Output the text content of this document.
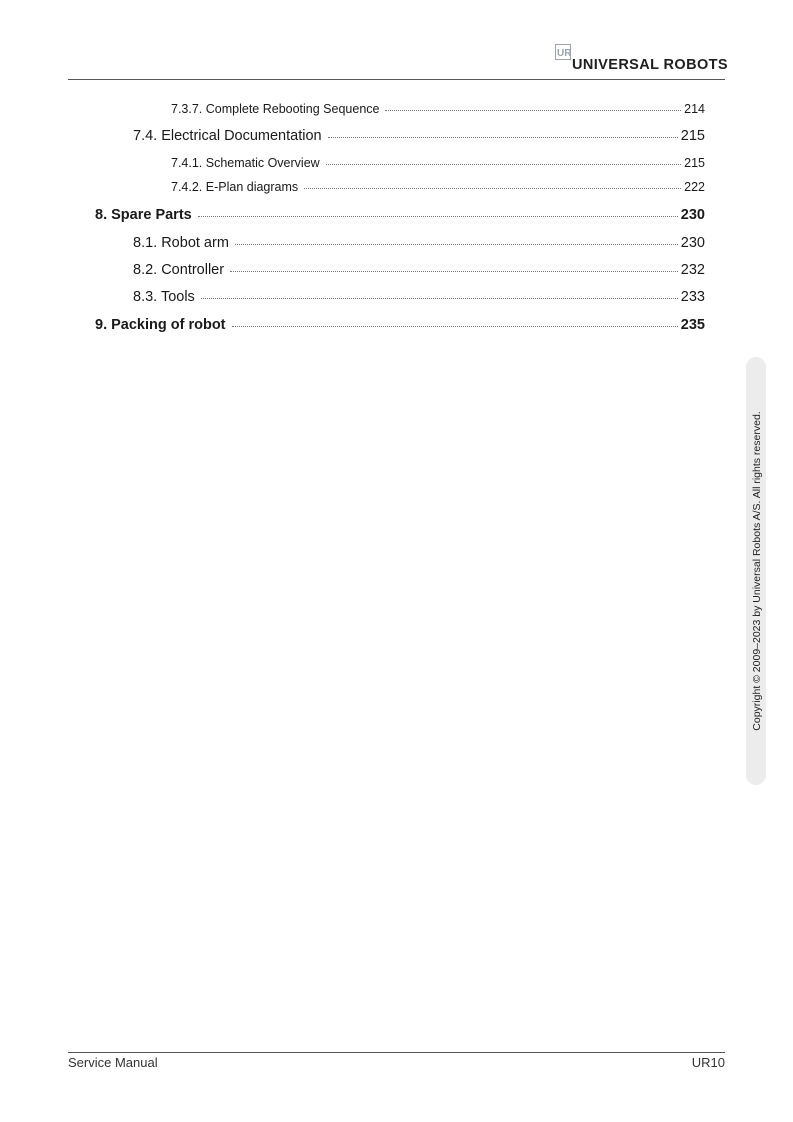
UR
UNIVERSAL ROBOTS
7.3.7. Complete Rebooting Sequence	214
7.4. Electrical Documentation	215
7.4.1. Schematic Overview	215
7.4.2. E-Plan diagrams	222
8. Spare Parts	230
8.1. Robot arm	230
8.2. Controller	232
8.3. Tools	233
9. Packing of robot	235
Copyright © 2009–2023 by Universal Robots A/S. All rights reserved.
Service Manual	UR10
